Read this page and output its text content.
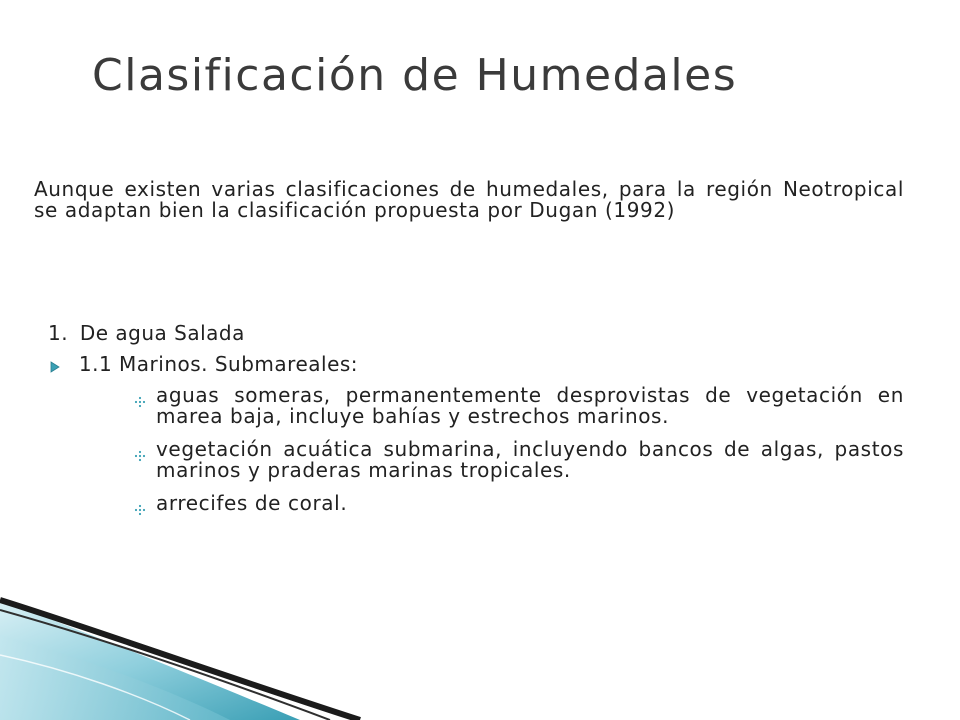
Clasificación de Humedales

Aunque existen varias clasificaciones de humedales, para la región Neotropical se adaptan bien la clasificación propuesta por Dugan (1992)

1. De agua Salada
1.1 Marinos. Submareales:
aguas someras, permanentemente desprovistas de vegetación en marea baja, incluye bahías y estrechos marinos.
vegetación acuática submarina, incluyendo bancos de algas, pastos marinos y praderas marinas tropicales.
arrecifes de coral.
